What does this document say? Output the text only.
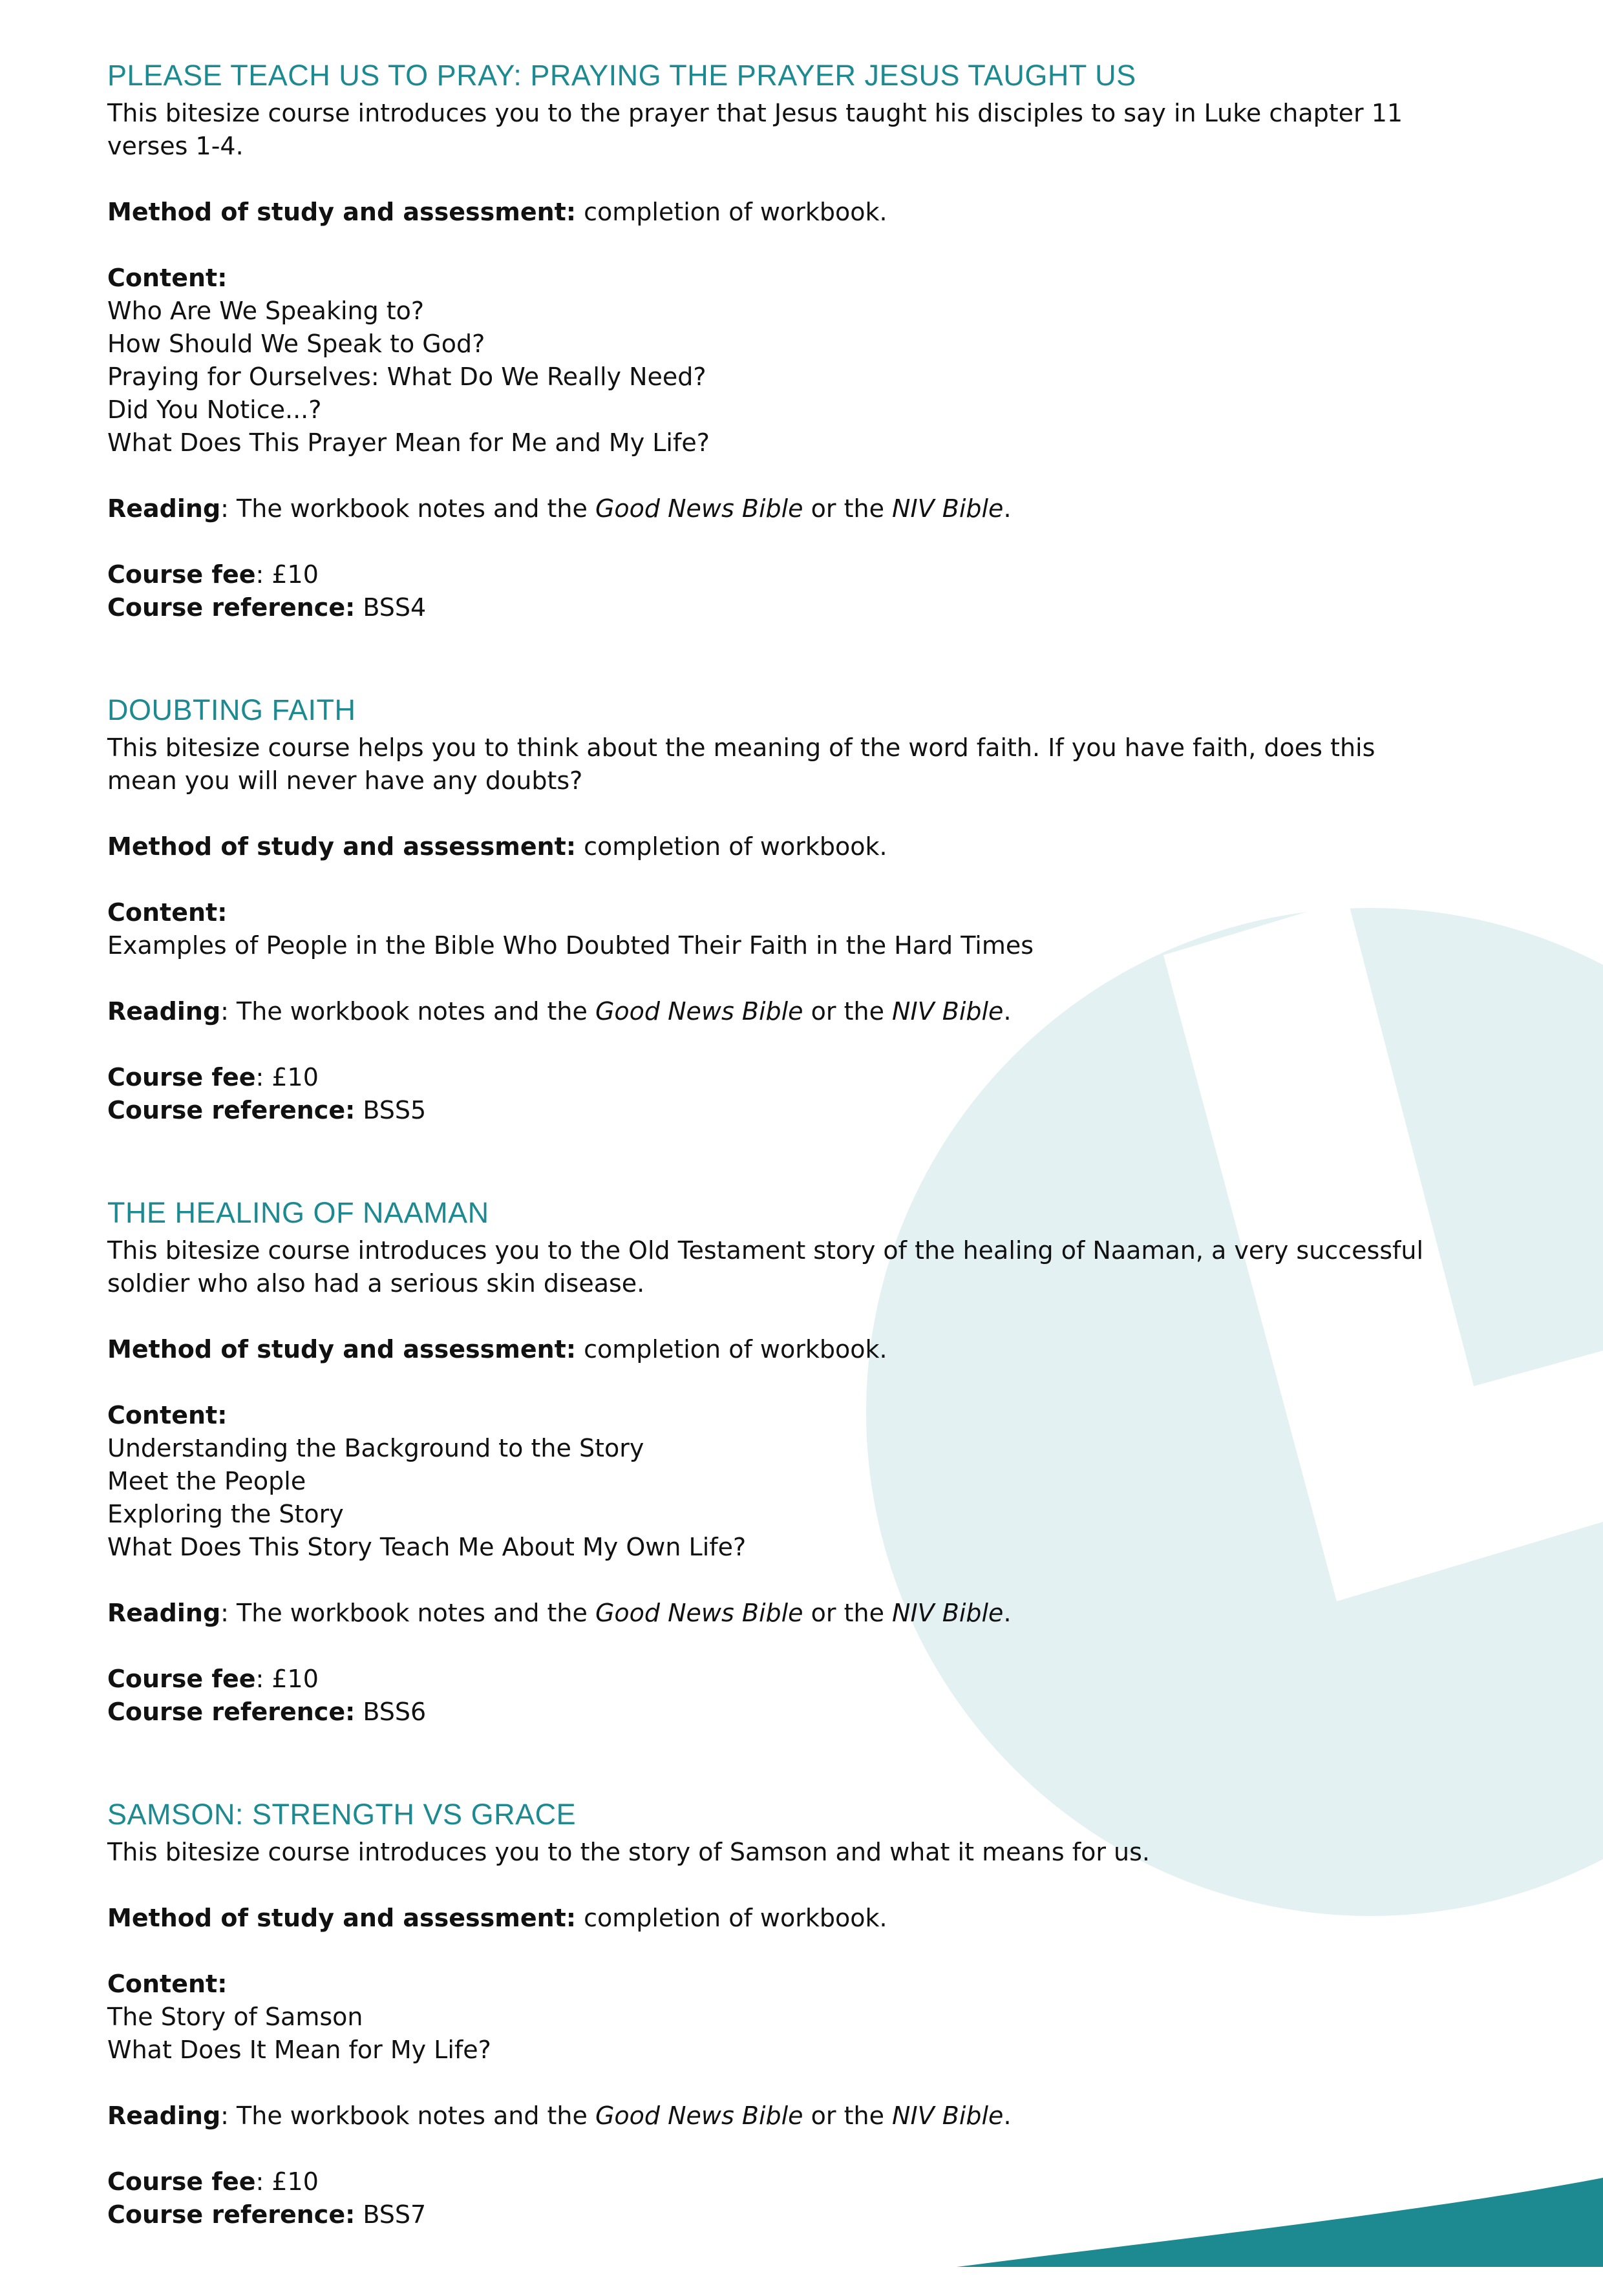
PLEASE TEACH US TO PRAY: PRAYING THE PRAYER JESUS TAUGHT US

This bitesize course introduces you to the prayer that Jesus taught his disciples to say in Luke chapter 11

verses 1-4.

Method of study and assessment: completion of workbook.

Content:

Who Are We Speaking to?

How Should We Speak to God?

Praying for Ourselves: What Do We Really Need?

Did You Notice...?

What Does This Prayer Mean for Me and My Life?

Reading: The workbook notes and the Good News Bible or the NIV Bible.

Course fee: £10

Course reference: BSS4

DOUBTING FAITH

This bitesize course helps you to think about the meaning of the word faith. If you have faith, does this

mean you will never have any doubts?

Method of study and assessment: completion of workbook.

Content:

Examples of People in the Bible Who Doubted Their Faith in the Hard Times

Reading: The workbook notes and the Good News Bible or the NIV Bible.

Course fee: £10

Course reference: BSS5

THE HEALING OF NAAMAN

This bitesize course introduces you to the Old Testament story of the healing of Naaman, a very successful

soldier who also had a serious skin disease.

Method of study and assessment: completion of workbook.

Content:

Understanding the Background to the Story

Meet the People

Exploring the Story

What Does This Story Teach Me About My Own Life?

Reading: The workbook notes and the Good News Bible or the NIV Bible.

Course fee: £10

Course reference: BSS6

SAMSON: STRENGTH VS GRACE

This bitesize course introduces you to the story of Samson and what it means for us.

Method of study and assessment: completion of workbook.

Content:

The Story of Samson

What Does It Mean for My Life?

Reading: The workbook notes and the Good News Bible or the NIV Bible.

Course fee: £10

Course reference: BSS7
